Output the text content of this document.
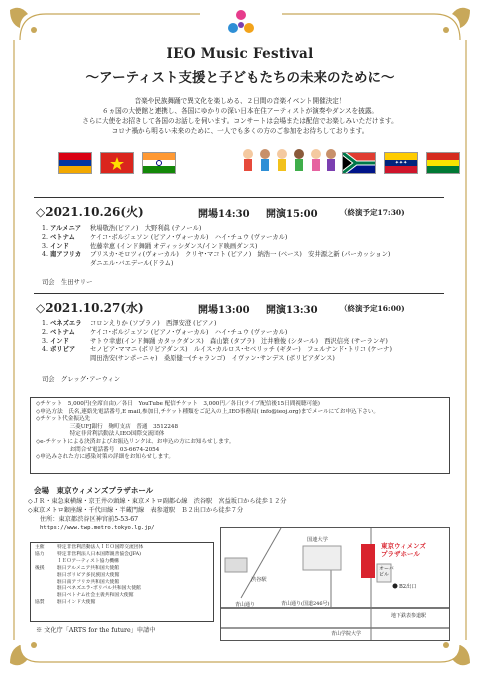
IEO Music Festival
〜アーティスト支援と子どもたちの未来のために〜
音楽や民族舞踊で異文化を楽しめる、２日間の音楽イベント開催決定！
６ヵ国の大使館と連携し、各国にゆかりの深い日本在住アーティストが演奏やダンスを披露。
さらに大使をお招きして各国のお話しを伺います。コンサートは会場または配信でお楽しみいただけます。
コロナ禍から明るい未来のために、一人でも多くの方のご参加をお待ちしております。
✦✦✦
◇2021.10.26(火)	開場14:30 開演15:00	（終演予定17:30)
1. アルメニア	秋場敬浩(ピアノ)　大野利眞 (テノール)
2. ベトナム	ケイコ･ボルジェソン (ピアノ･ヴォーカル)　ハイ･チュウ (ヴァーカル)
3. インド	佐藤幸恵 (インド舞踊 オディッシダンス/インド映画ダンス)
4. 南アフリカ	ブリスカ･モロツィ(ヴォーカル)　クリヤ･マコト (ピアノ)　納浩一 (ベース)　安井源之新 (パーカッション)
ダニエル･バエデール(ドラム)
司会　生田サリー
◇2021.10.27(水)	開場13:00 開演13:30	（終演予定16:00)
1. ベネズエラ	コロンえりか (ソプラノ)　西澤安澄 (ピアノ)
2. ベトナム	ケイコ･ボルジェソン (ピアノ･ヴォーカル)　ハイ･チュウ (ヴァーカル)
3. インド	サトウ幸恵(インド舞踊 カタックダンス)　森山繁 (タブラ)　辻井雅俊 (シタール)　西沢信亮 (サーランギ)
4. ボリビア	セノビア･ママニ (ボリビアダンス)　ルイス･カルロス･セベリッチ (ギター)　フェルナンド･トリコ (ケーナ)
岡田浩安(サンポーニャ)　桑原健一(チャランゴ)　イヴァン･サンデス (ボリビアダンス)
司会　グレッグ･アーウィン
◇チケット　5,000円(全席自由)／各日　YouTube 配信チケット　3,000円／各日(ライブ配信後15日間視聴可能)
◇申込方法　氏名,連絡先電話番号,E mail,参加日,チケット種類をご記入の上,IEO事務局( info@ieoj.org)までメールにてお申込下さい。
◇チケット代金振込先
　　　　　　三菱UFJ銀行　麹町支店　普通　3512248
　　　　　　特定非営利活動法人IEO国際交流団体
◇e-チケットによる決済およびお振込リンクは、お申込の方にお知らせします。
　　　　　　お問合せ電話番号　03-6674-2054
◇申込みされた方に感染対策の詳細をお知らせします。
会場　東京ウィメンズプラザホール
◇ＪＲ・東急東横線・京王井の頭線・東京メトロ副都心線　渋谷駅　宮益坂口から徒歩１２分
◇東京メトロ銀座線・千代田線・半蔵門線　表参道駅　Ｂ２出口から徒歩７分
住所：東京都渋谷区神宮前5-53-67
https://www.twp.metro.tokyo.lg.jp/
主催	特定非営利活動法人ＩＥＯ国際交流団体
協力	特定非営利法人日本国際親善協会(JFA)
ＩＥＯアーティスト協力機構
後援	駐日アルメニア共和国大使館
駐日ボリビア多民族国大使館
駐日南アフリカ共和国大使館
駐日ベネズエラ･ボリバル共和国大使館
駐日ベトナム社会主義共和国大使館
協賛	駐日インド大使館
国連大学
東京ウィメンズ
プラザホール
渋谷駅
オーバ
ピル
B2出口
青山通り(国道246号)
青山通り
地下鉄表参道駅
青山学院大学
※ 文化庁「ARTS for the future」申請中
